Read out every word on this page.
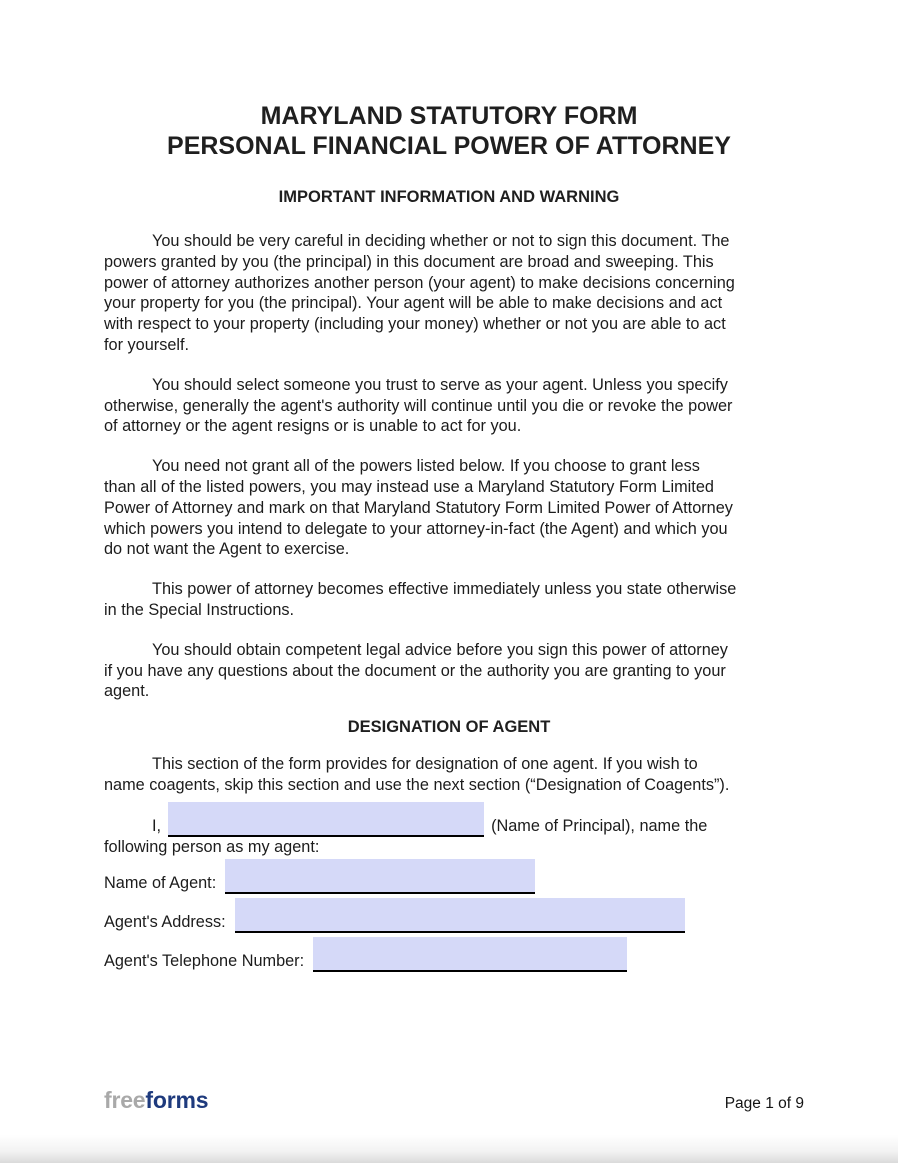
MARYLAND STATUTORY FORM
PERSONAL FINANCIAL POWER OF ATTORNEY
IMPORTANT INFORMATION AND WARNING

You should be very careful in deciding whether or not to sign this document. The
powers granted by you (the principal) in this document are broad and sweeping. This
power of attorney authorizes another person (your agent) to make decisions concerning
your property for you (the principal). Your agent will be able to make decisions and act
with respect to your property (including your money) whether or not you are able to act
for yourself.

You should select someone you trust to serve as your agent. Unless you specify
otherwise, generally the agent's authority will continue until you die or revoke the power
of attorney or the agent resigns or is unable to act for you.

You need not grant all of the powers listed below. If you choose to grant less
than all of the listed powers, you may instead use a Maryland Statutory Form Limited
Power of Attorney and mark on that Maryland Statutory Form Limited Power of Attorney
which powers you intend to delegate to your attorney-in-fact (the Agent) and which you
do not want the Agent to exercise.

This power of attorney becomes effective immediately unless you state otherwise
in the Special Instructions.

You should obtain competent legal advice before you sign this power of attorney
if you have any questions about the document or the authority you are granting to your
agent.

DESIGNATION OF AGENT

This section of the form provides for designation of one agent. If you wish to
name coagents, skip this section and use the next section (“Designation of Coagents”).

I,	(Name of Principal), name the
following person as my agent:
Name of Agent:
Agent's Address:
Agent's Telephone Number:
freeforms	Page 1 of 9
